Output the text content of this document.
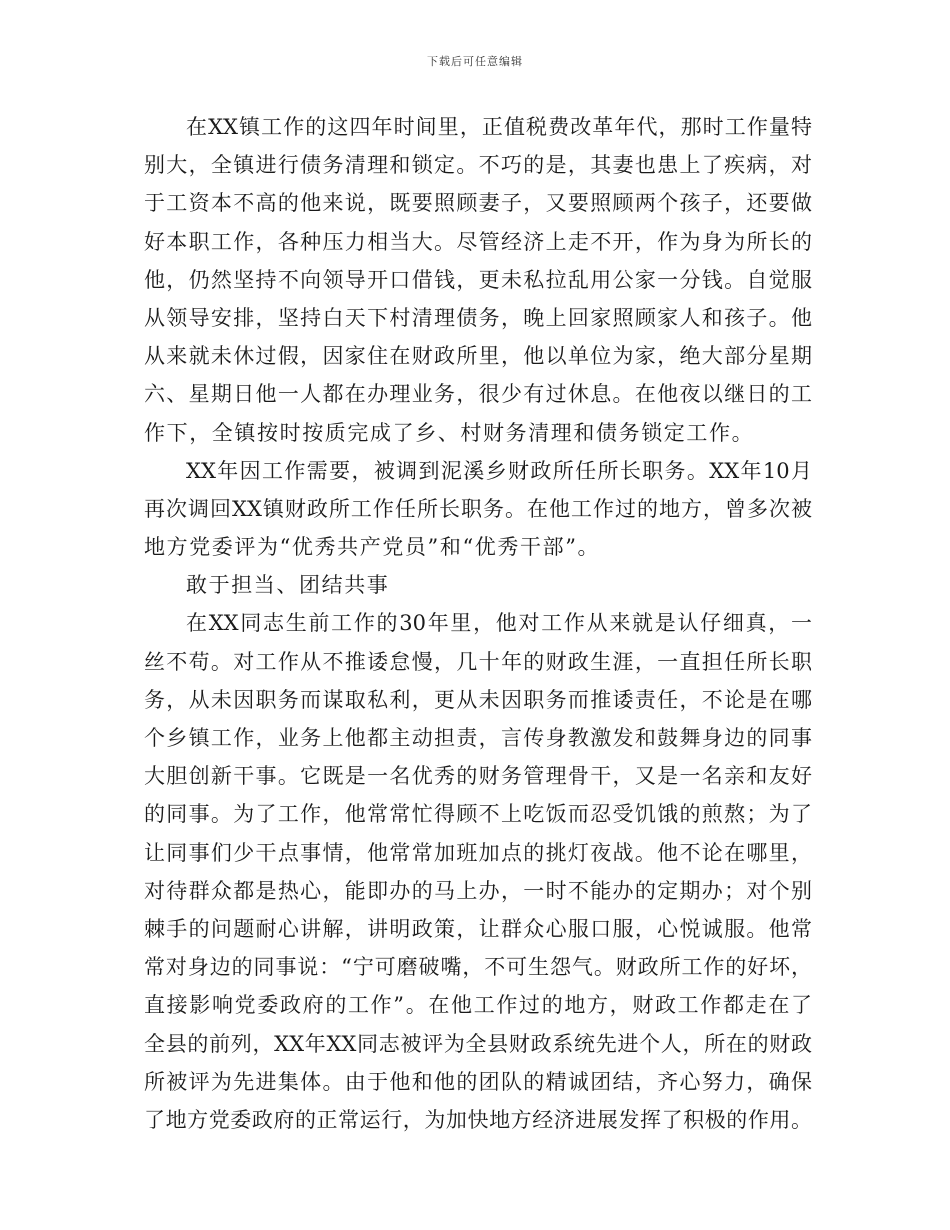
下载后可任意编辑
在XX镇工作的这四年时间里，正值税费改革年代，那时工作量特
别大，全镇进行债务清理和锁定。不巧的是，其妻也患上了疾病，对
于工资本不高的他来说，既要照顾妻子，又要照顾两个孩子，还要做
好本职工作，各种压力相当大。尽管经济上走不开，作为身为所长的
他，仍然坚持不向领导开口借钱，更未私拉乱用公家一分钱。自觉服
从领导安排，坚持白天下村清理债务，晚上回家照顾家人和孩子。他
从来就未休过假，因家住在财政所里，他以单位为家，绝大部分星期
六、星期日他一人都在办理业务，很少有过休息。在他夜以继日的工
作下，全镇按时按质完成了乡、村财务清理和债务锁定工作。
XX年因工作需要，被调到泥溪乡财政所任所长职务。XX年10月
再次调回XX镇财政所工作任所长职务。在他工作过的地方，曾多次被
地方党委评为“优秀共产党员”和“优秀干部”。
敢于担当、团结共事
在XX同志生前工作的30年里，他对工作从来就是认仔细真，一
丝不苟。对工作从不推诿怠慢，几十年的财政生涯，一直担任所长职
务，从未因职务而谋取私利，更从未因职务而推诿责任，不论是在哪
个乡镇工作，业务上他都主动担责，言传身教激发和鼓舞身边的同事
大胆创新干事。它既是一名优秀的财务管理骨干，又是一名亲和友好
的同事。为了工作，他常常忙得顾不上吃饭而忍受饥饿的煎熬；为了
让同事们少干点事情，他常常加班加点的挑灯夜战。他不论在哪里，
对待群众都是热心，能即办的马上办，一时不能办的定期办；对个别
棘手的问题耐心讲解，讲明政策，让群众心服口服，心悦诚服。他常
常对身边的同事说：“宁可磨破嘴，不可生怨气。财政所工作的好坏，
直接影响党委政府的工作”。在他工作过的地方，财政工作都走在了
全县的前列，XX年XX同志被评为全县财政系统先进个人，所在的财政
所被评为先进集体。由于他和他的团队的精诚团结，齐心努力，确保
了地方党委政府的正常运行，为加快地方经济进展发挥了积极的作用。
